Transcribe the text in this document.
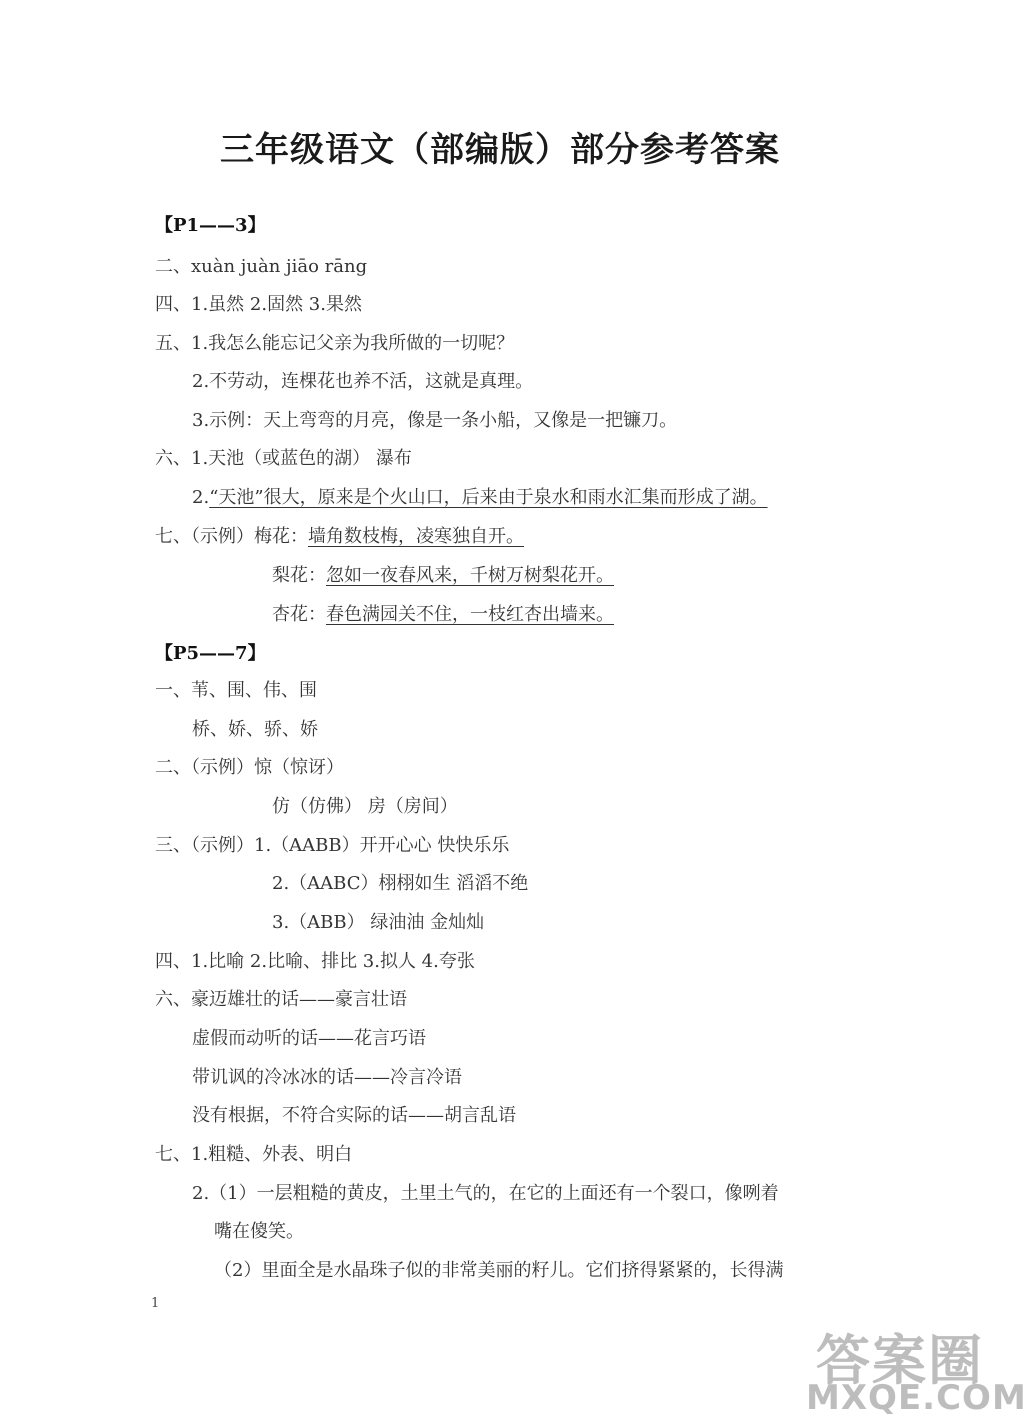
三年级语文（部编版）部分参考答案
【P1——3】
二、xuàn juàn jiāo rāng
四、1.虽然 2.固然 3.果然
五、1.我怎么能忘记父亲为我所做的一切呢？
2.不劳动，连棵花也养不活，这就是真理。
3.示例：天上弯弯的月亮，像是一条小船，又像是一把镰刀。
六、1.天池（或蓝色的湖） 瀑布
2.“天池”很大，原来是个火山口，后来由于泉水和雨水汇集而形成了湖。
七、（示例）梅花：墙角数枝梅，凌寒独自开。
梨花：忽如一夜春风来，千树万树梨花开。
杏花：春色满园关不住，一枝红杏出墙来。
【P5——7】
一、苇、围、伟、围
桥、娇、骄、娇
二、（示例）惊（惊讶）
仿（仿佛） 房（房间）
三、（示例）1.（AABB）开开心心 快快乐乐
2.（AABC）栩栩如生 滔滔不绝
3.（ABB） 绿油油 金灿灿
四、1.比喻 2.比喻、排比 3.拟人 4.夸张
六、豪迈雄壮的话——豪言壮语
虚假而动听的话——花言巧语
带讥讽的冷冰冰的话——冷言冷语
没有根据，不符合实际的话——胡言乱语
七、1.粗糙、外表、明白
2.（1）一层粗糙的黄皮，土里土气的，在它的上面还有一个裂口，像咧着
嘴在傻笑。
（2）里面全是水晶珠子似的非常美丽的籽儿。它们挤得紧紧的，长得满
1
答案圈
MXQE.COM
